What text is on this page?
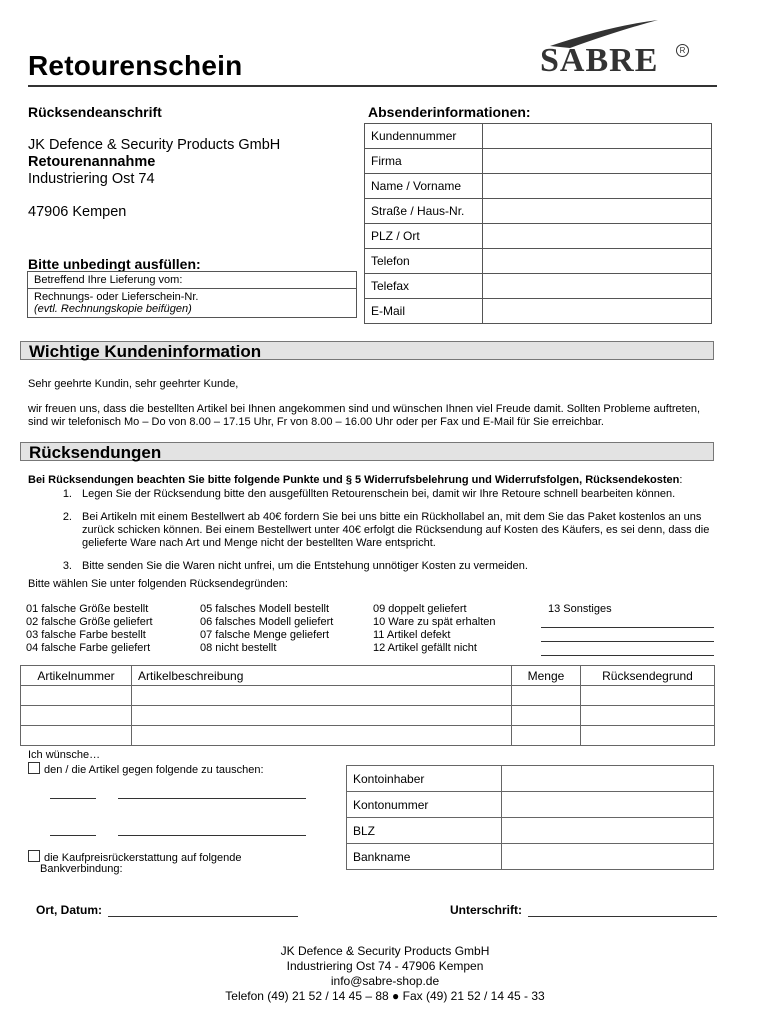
Retourenschein	SABRE	R
Rücksendeanschrift
JK Defence & Security Products GmbH
Retourenannahme
Industriering Ost 74
47906 Kempen
Absenderinformationen:
Kundennummer	
Firma	
Name / Vorname	
Straße / Haus-Nr.	
PLZ / Ort	
Telefon	
Telefax	
E-Mail	
Bitte unbedingt ausfüllen:
Betreffend Ihre Lieferung vom:
Rechnungs- oder Lieferschein-Nr.
(evtl. Rechnungskopie beifügen)
Wichtige Kundeninformation
Sehr geehrte Kundin, sehr geehrter Kunde,
wir freuen uns, dass die bestellten Artikel bei Ihnen angekommen sind und wünschen Ihnen viel Freude damit. Sollten Probleme auftreten, sind wir telefonisch Mo – Do von 8.00 – 17.15 Uhr, Fr von 8.00 – 16.00 Uhr oder per Fax und E-Mail für Sie erreichbar.
Rücksendungen
Bei Rücksendungen beachten Sie bitte folgende Punkte und § 5 Widerrufsbelehrung und Widerrufsfolgen, Rücksendekosten:
1. Legen Sie der Rücksendung bitte den ausgefüllten Retourenschein bei, damit wir Ihre Retoure schnell bearbeiten können.
2. Bei Artikeln mit einem Bestellwert ab 40€ fordern Sie bei uns bitte ein Rückhollabel an, mit dem Sie das Paket kostenlos an uns zurück schicken können. Bei einem Bestellwert unter 40€ erfolgt die Rücksendung auf Kosten des Käufers, es sei denn, dass die gelieferte Ware nach Art und Menge nicht der bestellten Ware entspricht.
3. Bitte senden Sie die Waren nicht unfrei, um die Entstehung unnötiger Kosten zu vermeiden.
Bitte wählen Sie unter folgenden Rücksendegründen:
01 falsche Größe bestellt
02 falsche Größe geliefert
03 falsche Farbe bestellt
04 falsche Farbe geliefert
05 falsches Modell bestellt
06 falsches Modell geliefert
07 falsche Menge geliefert
08 nicht bestellt
09 doppelt geliefert
10 Ware zu spät erhalten
11 Artikel defekt
12 Artikel gefällt nicht
13 Sonstiges
Artikelnummer	Artikelbeschreibung	Menge	Rücksendegrund

Ich wünsche…
den / die Artikel gegen folgende zu tauschen:
die Kaufpreisrückerstattung auf folgende
Bankverbindung:
Kontoinhaber	
Kontonummer	
BLZ	
Bankname	
Ort, Datum:	Unterschrift:
JK Defence & Security Products GmbH
Industriering Ost 74 - 47906 Kempen
info@sabre-shop.de
Telefon (49) 21 52 / 14 45 – 88 ● Fax (49) 21 52 / 14 45 - 33
